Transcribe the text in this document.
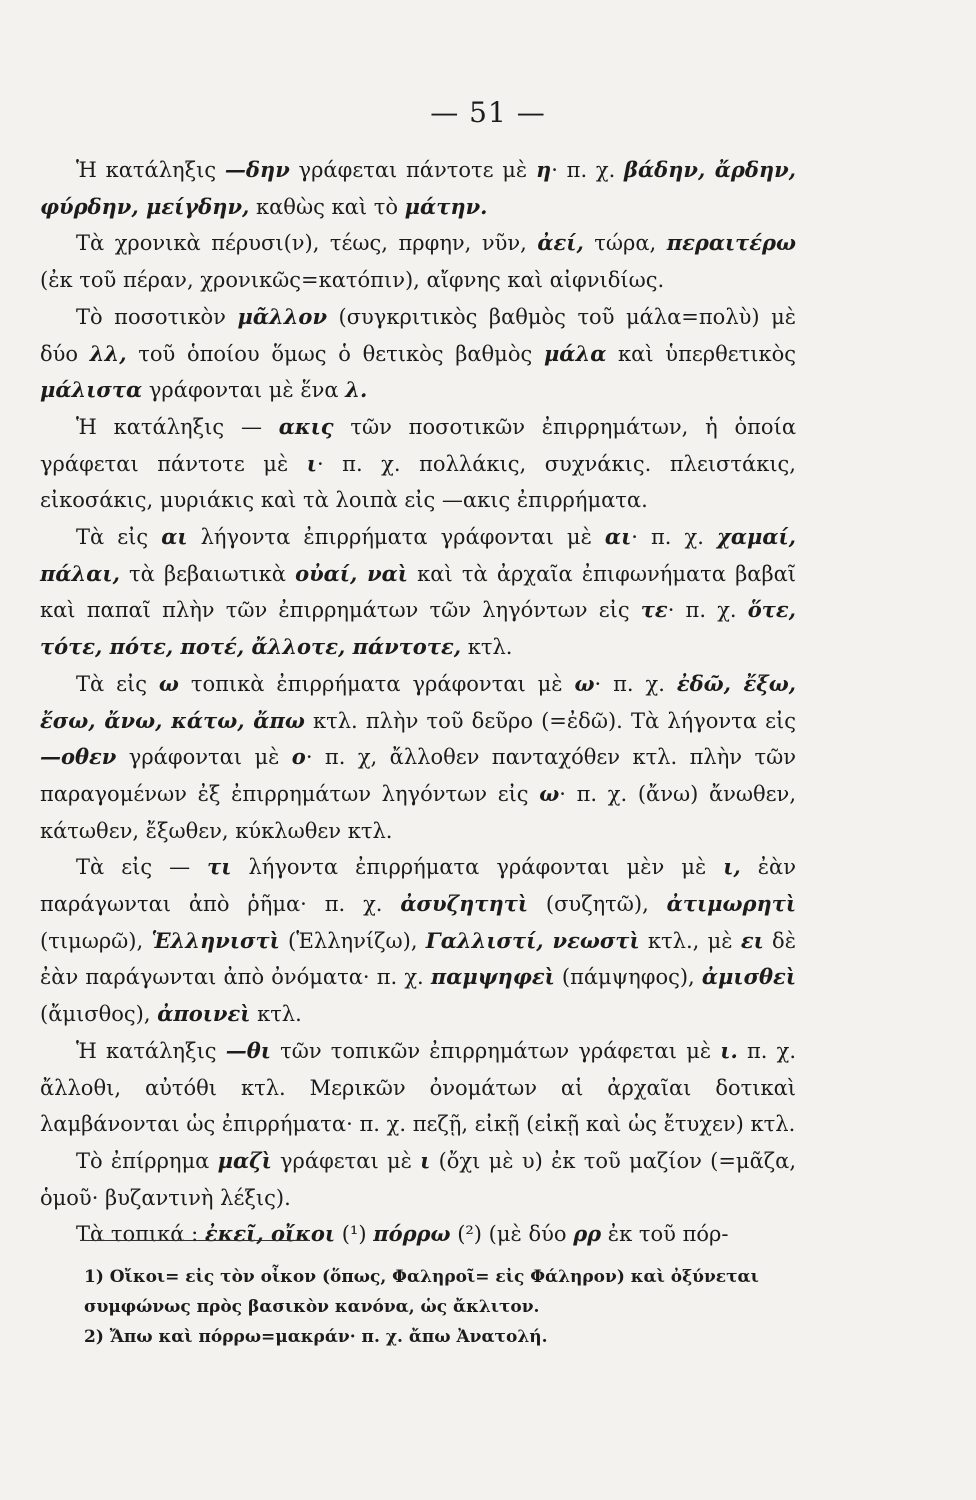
— 51 —

Ἡ κατάληξις —δην γράφεται πάντοτε μὲ η· π. χ. βάδην, ἄρδην, φύρδην, μείγδην, καθὼς καὶ τὸ μάτην.

Τὰ χρονικὰ πέρυσι(ν), τέως, πρφην, νῦν, ἀεί, τώρα, περαιτέρω (ἐκ τοῦ πέραν, χρονικῶς=κατόπιν), αἴφνης καὶ αἰφνιδίως.

Τὸ ποσοτικὸν μᾶλλον (συγκριτικὸς βαθμὸς τοῦ μάλα=πολὺ) μὲ δύο λλ, τοῦ ὁποίου ὅμως ὁ θετικὸς βαθμὸς μάλα καὶ ὑπερθετικὸς μάλιστα γράφονται μὲ ἕνα λ.

Ἡ κατάληξις — ακις τῶν ποσοτικῶν ἐπιρρημάτων, ἡ ὁποία γράφεται πάντοτε μὲ ι· π. χ. πολλάκις, συχνάκις. πλειστάκις, εἰκοσάκις, μυριάκις καὶ τὰ λοιπὰ εἰς —ακις ἐπιρρήματα.

Τὰ εἰς αι λήγοντα ἐπιρρήματα γράφονται μὲ αι· π. χ. χαμαί, πάλαι, τὰ βεβαιωτικὰ οὐαί, ναὶ καὶ τὰ ἀρχαῖα ἐπιφωνήματα βαβαῖ καὶ παπαῖ πλὴν τῶν ἐπιρρημάτων τῶν ληγόντων εἰς τε· π. χ. ὅτε, τότε, πότε, ποτέ, ἄλλοτε, πάντοτε, κτλ.

Τὰ εἰς ω τοπικὰ ἐπιρρήματα γράφονται μὲ ω· π. χ. ἐδῶ, ἔξω, ἔσω, ἄνω, κάτω, ἄπω κτλ. πλὴν τοῦ δεῦρο (=ἐδῶ). Τὰ λήγοντα εἰς —οθεν γράφονται μὲ ο· π. χ, ἄλλοθεν πανταχόθεν κτλ. πλὴν τῶν παραγομένων ἐξ ἐπιρρημάτων ληγόντων εἰς ω· π. χ. (ἄνω) ἄνωθεν, κάτωθεν, ἔξωθεν, κύκλωθεν κτλ.

Τὰ εἰς — τι λήγοντα ἐπιρρήματα γράφονται μὲν μὲ ι, ἐὰν παράγωνται ἀπὸ ῥῆμα· π. χ. ἀσυζητητὶ (συζητῶ), ἀτιμωρητὶ (τιμωρῶ), Ἑλληνιστὶ (Ἑλληνίζω), Γαλλιστί, νεωστὶ κτλ., μὲ ει δὲ ἐὰν παράγωνται ἀπὸ ὀνόματα· π. χ. παμψηφεὶ (πάμψηφος), ἀμισθεὶ (ἄμισθος), ἀποινεὶ κτλ.

Ἡ κατάληξις —θι τῶν τοπικῶν ἐπιρρημάτων γράφεται μὲ ι. π. χ. ἄλλοθι, αὐτόθι κτλ. Μερικῶν ὀνομάτων αἱ ἀρχαῖαι δοτικαὶ λαμβάνονται ὡς ἐπιρρήματα· π. χ. πεζῇ, εἰκῇ (εἰκῇ καὶ ὡς ἔτυχεν) κτλ.

Τὸ ἐπίρρημα μαζὶ γράφεται μὲ ι (ὄχι μὲ υ) ἐκ τοῦ μαζίον (=μᾶζα, ὁμοῦ· βυζαντινὴ λέξις).

Τὰ τοπικά : ἐκεῖ, οἴκοι (¹) πόρρω (²) (μὲ δύο ρρ ἐκ τοῦ πόρ-

1) Οἴκοι= εἰς τὸν οἶκον (ὅπως, Φαληροῖ= εἰς Φάληρον) καὶ ὀξύνεται συμφώνως πρὸς βασικὸν κανόνα, ὡς ἄκλιτον.

2) Ἄπω καὶ πόρρω=μακράν· π. χ. ἄπω Ἀνατολή.
